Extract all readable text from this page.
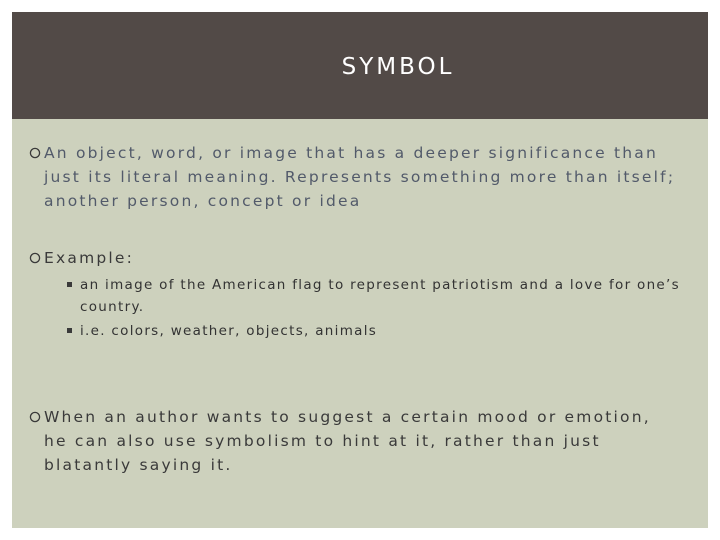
SYMBOL
An object, word, or image that has a deeper significance than just its literal meaning. Represents something more than itself; another person, concept or idea
Example:
an image of the American flag to represent patriotism and a love for one’s country.
i.e. colors, weather, objects, animals
When an author wants to suggest a certain mood or emotion, he can also use symbolism to hint at it, rather than just blatantly saying it.
